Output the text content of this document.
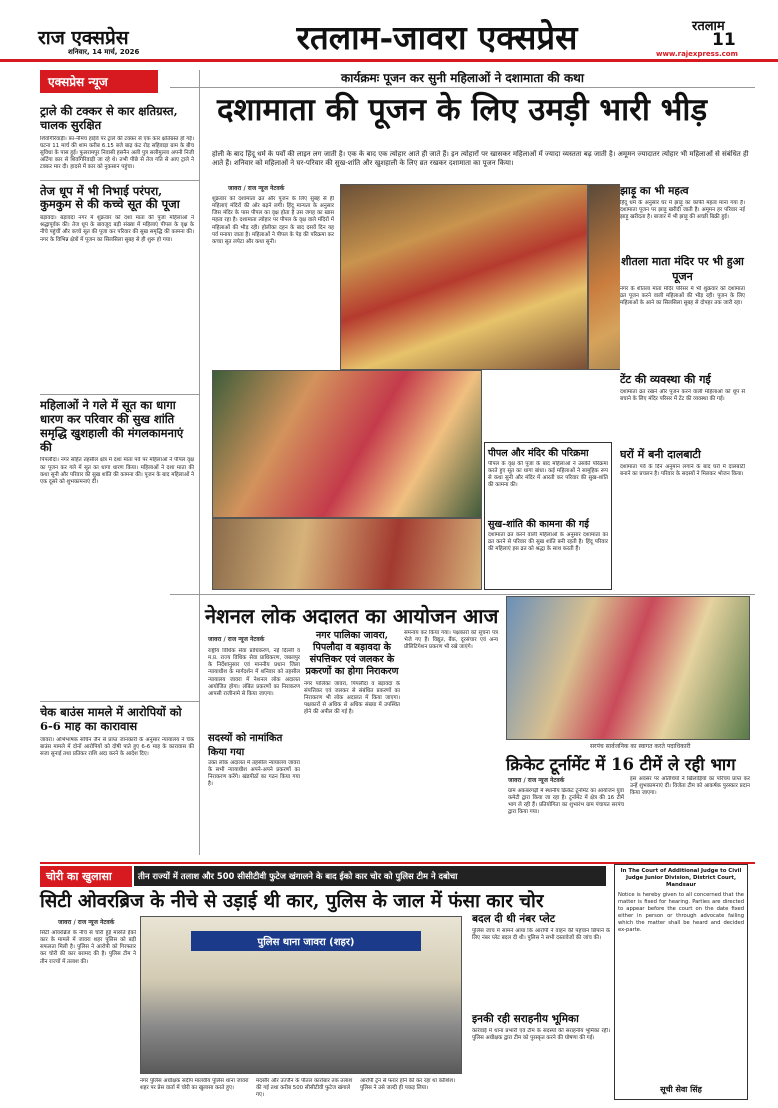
राज एक्सप्रेस
शनिवार, 14 मार्च, 2026	रतलाम-जावरा एक्सप्रेस	रतलाम
11
www.rajexpress.com
एक्सप्रेस न्यूज
ट्राले की टक्कर से कार क्षतिग्रस्त, चालक सुरक्षित
शिवगिरिवाड़ी। फ़ा-नीमच हाईवे पर ट्राले की टक्कर से एक कार क्षतिग्रस्त हो गई। घटना 11 मार्च की शाम करीब 6.15 बजे बाढ़ कंट रोड़ सहिवाड़ा ग्राम के बीच सुविधा के पास हुई। फुलरामपुर निवासी हसनैन अली पुत्र सलीमुल्ला अपनी निजी अर्टिगा कार से शिवगिरिवाड़ी जा रहे थे। तभी पीछे से तेज गति से आए ट्राले ने टक्कर मार दी। हादसे में कार को नुकसान पहुंचा।
तेज धूप में भी निभाई परंपरा, कुमकुम से की कच्चे सूत की पूजा
बड़ावदा। बड़ावदा नगर में शुक्रवार को दशा माता की पूजा महिलाओं ने श्रद्धापूर्वक की। तेज धूप के बावजूद बड़ी संख्या में महिलाएं पीपल के वृक्ष के नीचे पहुंचीं और कच्चे सूत की पूजा कर परिवार की सुख समृद्धि की कामना की। नगर के विभिन्न क्षेत्रों में पूजन का सिलसिला सुबह से ही शुरू हो गया।
महिलाओं ने गले में सूत का धागा धारण कर परिवार की सुख शांति समृद्धि खुशहाली की मंगलकामनाएं की
पिपलौदा। नगर सहित तहसील क्षेत्र में दशा माता पर्व पर महिलाओं ने पीपल वृक्ष का पूजन कर गले में सूत का धागा धारण किया। महिलाओं ने दशा माता की कथा सुनी और परिवार की सुख शांति की कामना की। पूजन के बाद महिलाओं ने एक दूसरे को शुभकामनाएं दीं।
चेक बाउंस मामले में आरोपियों को 6-6 माह का कारावास
जावरा। अभिभाषक सचिन जैन से प्राप्त जानकारी के अनुसार न्यायालय ने चेक बाउंस मामले में दोनों आरोपियों को दोषी पाते हुए 6-6 माह के कारावास की सजा सुनाई तथा प्रतिकर राशि अदा करने के आदेश दिए।
कार्यक्रमः पूजन कर सुनी महिलाओं ने दशामाता की कथा
दशामाता की पूजन के लिए उमड़ी भारी भीड़
होली के बाद हिंदू धर्म के पर्वों की लाइन लग जाती है। एक के बाद एक त्योहार आते ही जाते हैं। इन त्योहारों पर खासकर महिलाओं में ज्यादा व्यस्तता बढ़ जाती है। अमूमन ज्यादातर त्योहार भी महिलाओं से संबंधित ही आते हैं। शनिवार को महिलाओं ने घर-परिवार की सुख-शांति और खुशहाली के लिए व्रत रखकर दशामाता का पूजन किया।
जावरा / राज न्यूज नेटवर्क
शुक्रवार को दशामाता व्रत और पूजन के लिए सुबह से ही महिलाएं मंदिरों की ओर बढ़ने लगी। हिंदू मान्यता के अनुसार जिस मंदिर के पास पीपल का वृक्ष होता है उस जगह का खास महत्व रहा है। दशामाता त्योहार पर पीपल के वृक्ष वाले मंदिरों में महिलाओं की भीड़ रही। होलीका दहन के बाद दसवें दिन यह पर्व मनाया जाता है। महिलाओं ने पीपल के पेड़ की परिक्रमा कर कच्चा सूत लपेटा और कथा सुनी।
पीपल और मंदिर की परिक्रमा
पीपल के वृक्ष की पूजा के बाद महिलाओं ने उसकी परिक्रमा करते हुए सूत का धागा बांधा। कई महिलाओं ने सामूहिक रूप से कथा सुनी और मंदिर में आरती कर परिवार की सुख-शांति की कामना की।
सुख-शांति की कामना की गई
दशामाता व्रत करने वाली महिलाओं के अनुसार दशामाता का व्रत करने से परिवार की सुख शांति बनी रहती है। हिंदू परिवार की महिलाएं इस व्रत को श्रद्धा के साथ करती हैं।
झाड़ू का भी महत्व
हिंदू धर्म के अनुसार घर में झाड़ू का काफी महत्व माना गया है। दशामाता पूजन पर झाड़ू खरीदी जाती है। अमूमन हर परिवार नई झाड़ू खरीदता है। बाजार में भी झाड़ू की अच्छी बिक्री हुई।
शीतला माता मंदिर पर भी हुआ पूजन
नगर के शीतला माता मंदिर परिसर में भी शुक्रवार को दशामाता व्रत पूजन करने वाली महिलाओं की भीड़ रही। पूजन के लिए महिलाओं के आने का सिलसिला सुबह से दोपहर तक जारी रहा।
टेंट की व्यवस्था की गई
दशामाता व्रत रखने और पूजन करने वाली महिलाओं को धूप से बचाने के लिए मंदिर परिसर में टेंट की व्यवस्था की गई।
घरों में बनी दालबाटी
दशामाता पर्व के दिन अनुमान लगाने के बाद घरों में दालबाटी बनाने का प्रचलन है। परिवार के सदस्यों ने मिलकर भोजन किया।
नेशनल लोक अदालत का आयोजन आज
जावरा / राज न्यूज नेटवर्क
राष्ट्रीय विधिक सेवा प्राधिकरण, नई दिल्ली व म.प्र. राज्य विधिक सेवा प्राधिकरण, जबलपुर के निर्देशानुसार एवं माननीय प्रधान जिला न्यायाधीश के मार्गदर्शन में शनिवार को तहसील न्यायालय जावरा में नेशनल लोक अदालत आयोजित होगा। लंबित प्रकरणों का निराकरण आपसी राजीनामे से किया जाएगा।
सदस्यों को नामांकित किया गया
उक्त लोक अदालत में तहसील न्यायालय जावरा के सभी न्यायाधीश अपने-अपने प्रकरणों का निराकरण करेंगे। खंडपीठों का गठन किया गया है।
नगर पालिका जावरा, पिपलौदा व बड़ावदा के संपत्तिकर एवं जलकर के प्रकरणों का होगा निराकरण
नगर पालिका जावरा, पिपलौदा व बड़ावदा के संपत्तिकर एवं जलकर से संबंधित प्रकरणों का निराकरण भी लोक अदालत में किया जाएगा। पक्षकारों से अधिक से अधिक संख्या में उपस्थित होने की अपील की गई है।
समन्वय कर किया गया। पक्षकारों को सूचना पत्र भेजे गए हैं। विद्युत, बैंक, दूरसंचार एवं अन्य प्रीलिटिगेशन प्रकरण भी रखे जाएंगे।
सरपंच सार्वजनिक का स्वागत करते पदाधिकारी
क्रिकेट टूर्नामेंट में 16 टीमें ले रही भाग
जावरा / राज न्यूज नेटवर्क
ग्राम अकबरगढ़ी में स्थानीय क्रिकेट टूर्नामेंट का आयोजन युवा कमेटी द्वारा किया जा रहा है। टूर्नामेंट में क्षेत्र की 16 टीमें भाग ले रही हैं। प्रतियोगिता का शुभारंभ ग्राम पंचायत सरपंच द्वारा किया गया।
इस अवसर पर अतिथियों ने खिलाड़ियों का परिचय प्राप्त कर उन्हें शुभकामनाएं दीं। विजेता टीम को आकर्षक पुरस्कार प्रदान किया जाएगा।
चोरी का खुलासा	तीन राज्यों में तलाश और 500 सीसीटीवी फुटेज खंगालने के बाद ईको कार चोर को पुलिस टीम ने दबोचा
सिटी ओवरब्रिज के नीचे से उड़ाई थी कार, पुलिस के जाल में फंसा कार चोर
जावरा / राज न्यूज नेटवर्क
सिटी ओवरब्रिज के नीचे से चोरी हुई मारुति ईको कार के मामले में जावरा शहर पुलिस को बड़ी सफलता मिली है। पुलिस ने आरोपी को गिरफ्तार कर चोरी की कार बरामद की है। पुलिस टीम ने तीन राज्यों में तलाश की।
पुलिस थाना जावरा (शहर)
नगर पुलिस अधीक्षक संदीप मालवीय पुलिस थाना जावरा शहर पर प्रेस वार्ता में चोरी का खुलासा करते हुए।
मंदसौर और उज्जैन के पीतल कारोबार तक तलाश की गई तथा करीब 500 सीसीटीवी फुटेज खंगाले गए।
आरोपी ट्रेन से फरार होने की कर रहा था कोशिश। पुलिस ने उसे जल्दी ही पकड़ लिया।
बदल दी थी नंबर प्लेट
पुलिस जांच में सामने आया कि आरोपी ने वाहन की पहचान छिपाने के लिए नंबर प्लेट बदल दी थी। पुलिस ने सभी दस्तावेजों की जांच की।
इनकी रही सराहनीय भूमिका
कार्रवाई में थाना प्रभारी एवं टीम के सदस्यों की सराहनीय भूमिका रही। पुलिस अधीक्षक द्वारा टीम को पुरस्कृत करने की घोषणा की गई।
In The Court of Additional Judge to Civil Judge Junior Division, District Court, Mandsaur
Notice is hereby given to all concerned that the matter is fixed for hearing. Parties are directed to appear before the court on the date fixed either in person or through advocate failing which the matter shall be heard and decided ex-parte.
सूची सेवा सिंह
